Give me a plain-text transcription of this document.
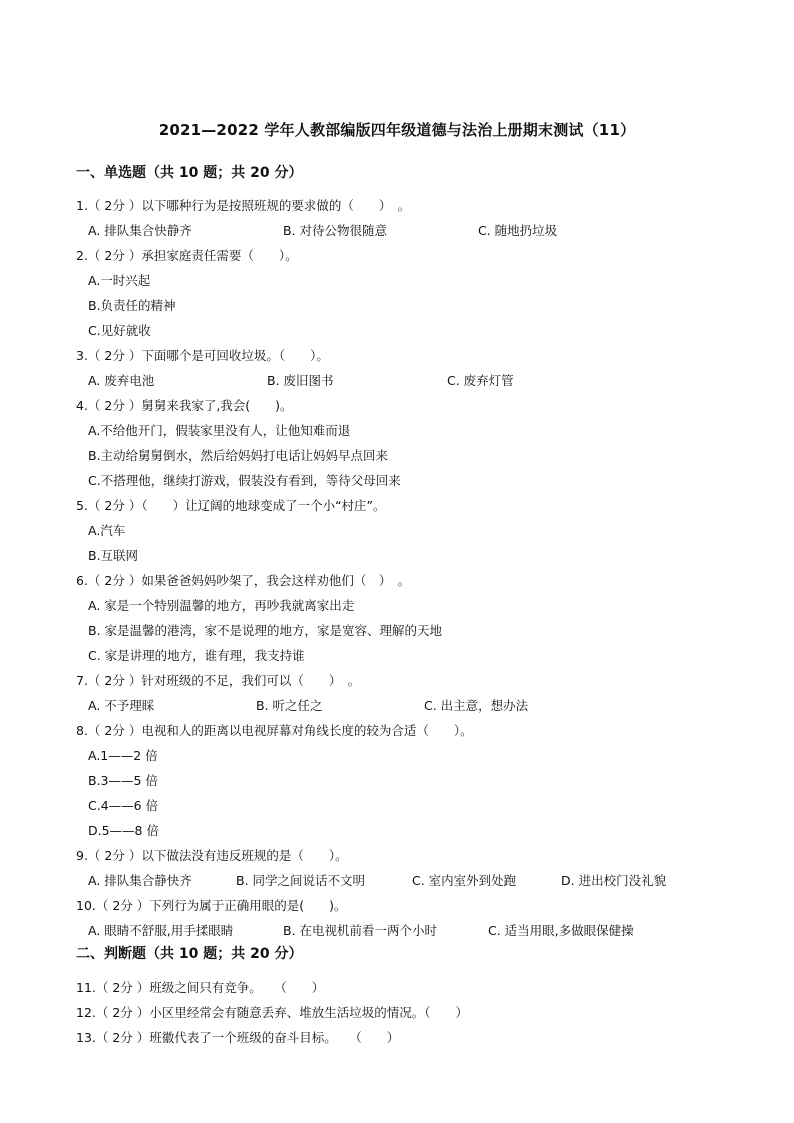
2021—2022 学年人教部编版四年级道德与法治上册期末测试（11）
一、单选题（共 10 题；共 20 分）
1.（ 2分 ）以下哪种行为是按照班规的要求做的（　　）　。
A. 排队集合快静齐	B. 对待公物很随意	C. 随地扔垃圾
2.（ 2分 ）承担家庭责任需要（　　）。
A.一时兴起
B.负责任的精神
C.见好就收
3.（ 2分 ）下面哪个是可回收垃圾。（　　）。
A. 废弃电池	B. 废旧图书	C. 废弃灯管
4.（ 2分 ）舅舅来我家了,我会(　　)。
A.不给他开门，假装家里没有人，让他知难而退
B.主动给舅舅倒水，然后给妈妈打电话让妈妈早点回来
C.不搭理他，继续打游戏，假装没有看到，等待父母回来
5.（ 2分 ）（　　）让辽阔的地球变成了一个小“村庄”。
A.汽车
B.互联网
6.（ 2分 ）如果爸爸妈妈吵架了，我会这样劝他们（　）　。
A. 家是一个特别温馨的地方，再吵我就离家出走
B. 家是温馨的港湾，家不是说理的地方，家是宽容、理解的天地
C. 家是讲理的地方，谁有理，我支持谁
7.（ 2分 ）针对班级的不足，我们可以（　　）　。
A. 不予理睬	B. 听之任之	C. 出主意，想办法
8.（ 2分 ）电视和人的距离以电视屏幕对角线长度的较为合适（　　）。
A.1——2 倍
B.3——5 倍
C.4——6 倍
D.5——8 倍
9.（ 2分 ）以下做法没有违反班规的是（　　）。
A. 排队集合静快齐	B. 同学之间说话不文明	C. 室内室外到处跑	D. 进出校门没礼貌
10.（ 2分 ）下列行为属于正确用眼的是(　　)。
A. 眼睛不舒服,用手揉眼睛	B. 在电视机前看一两个小时	C. 适当用眼,多做眼保健操
二、判断题（共 10 题；共 20 分）
11.（ 2分 ）班级之间只有竞争。　　（　　）
12.（ 2分 ）小区里经常会有随意丢弃、堆放生活垃圾的情况。（　　）
13.（ 2分 ）班徽代表了一个班级的奋斗目标。　　（　　）
